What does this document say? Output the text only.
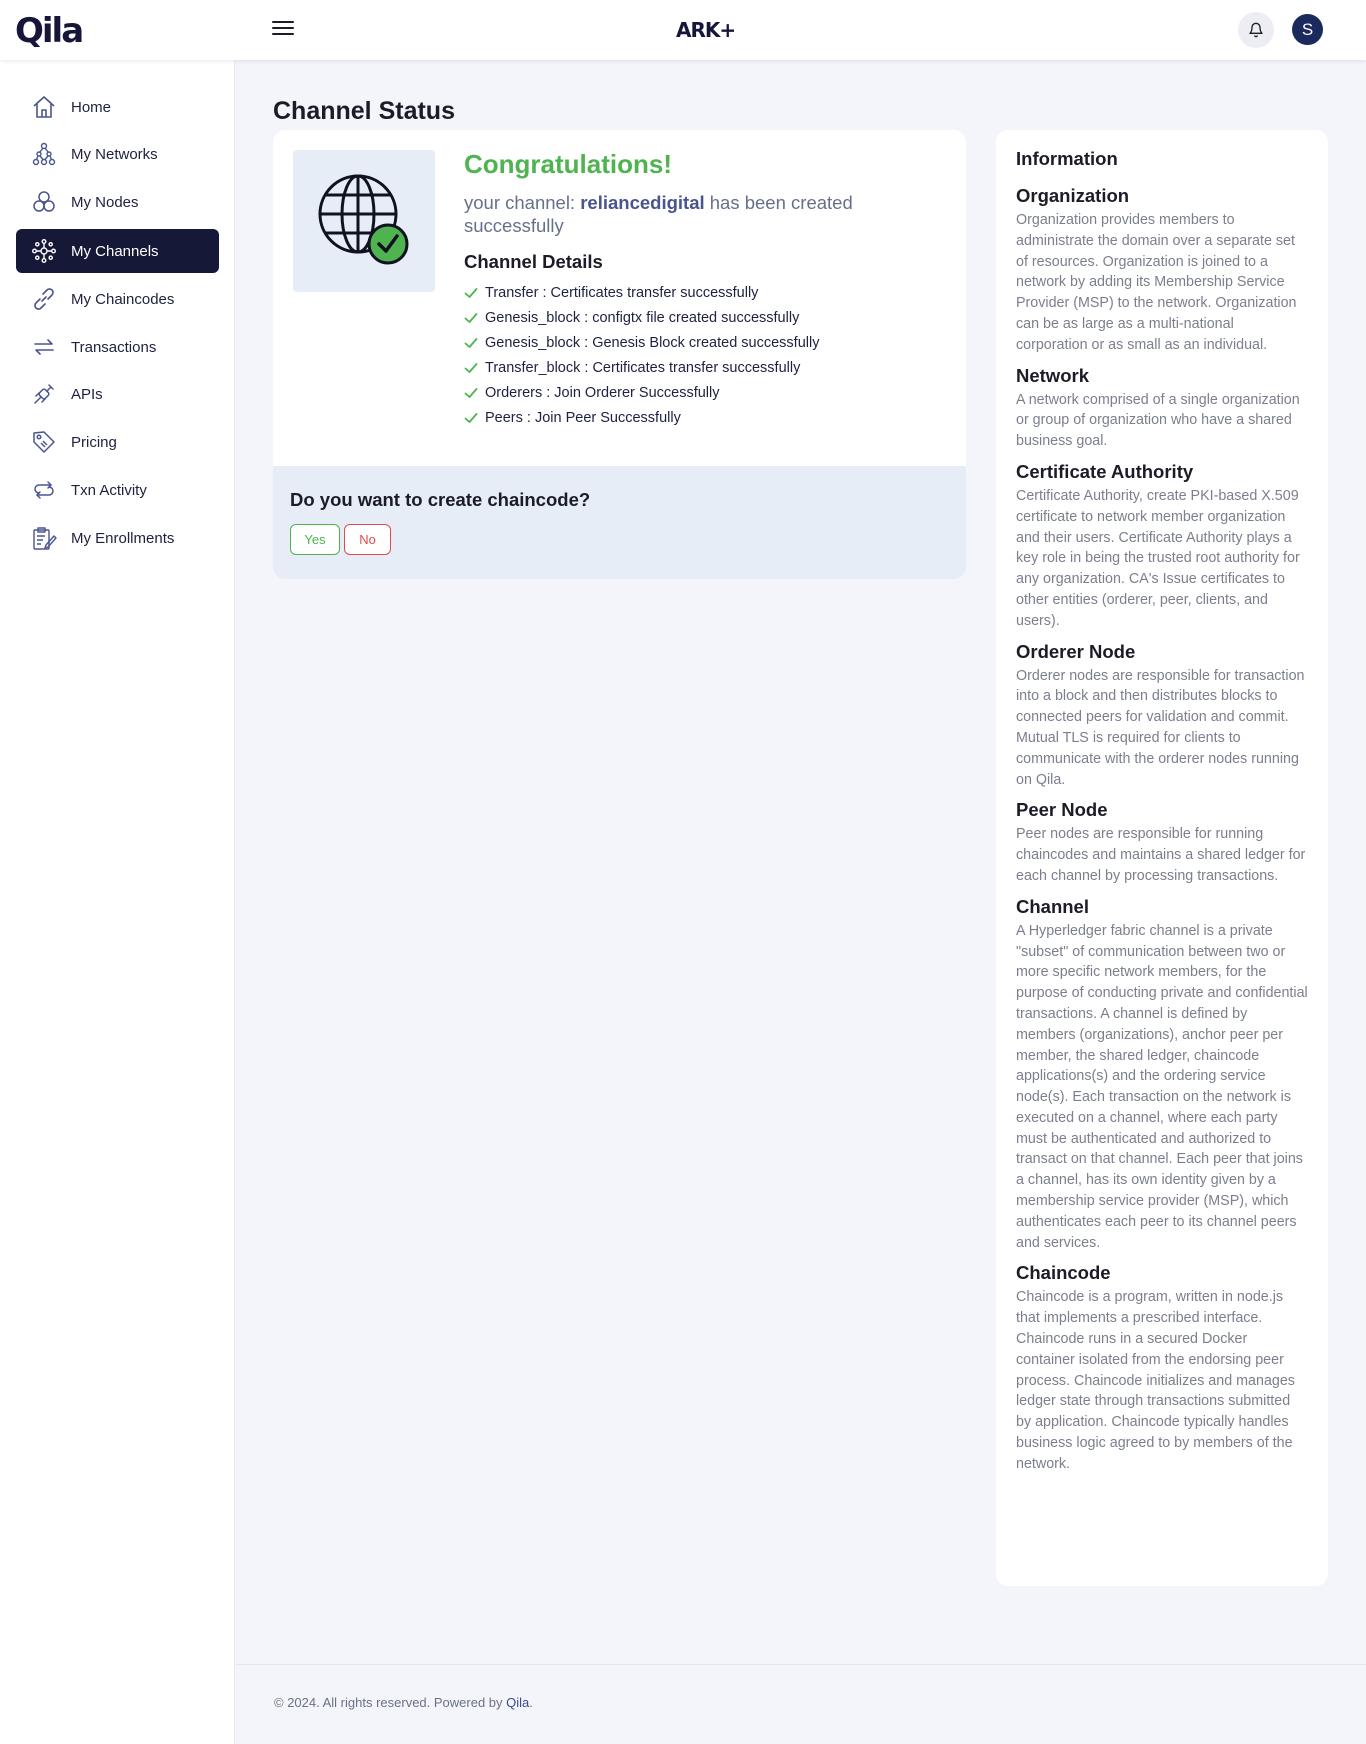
Qila	ARK+	S
Home
My Networks
My Nodes
My Channels
My Chaincodes
Transactions
APIs
Pricing
Txn Activity
My Enrollments
Channel Status
Congratulations!
your channel: reliancedigital has been created successfully
Channel Details
Transfer : Certificates transfer successfully
Genesis_block : configtx file created successfully
Genesis_block : Genesis Block created successfully
Transfer_block : Certificates transfer successfully
Orderers : Join Orderer Successfully
Peers : Join Peer Successfully
Do you want to create chaincode?
Yes	No
Information
Organization

Organization provides members to administrate the domain over a separate set of resources. Organization is joined to a network by adding its Membership Service Provider (MSP) to the network. Organization can be as large as a multi-national corporation or as small as an individual.

Network

A network comprised of a single organization or group of organization who have a shared business goal.

Certificate Authority

Certificate Authority, create PKI-based X.509 certificate to network member organization and their users. Certificate Authority plays a key role in being the trusted root authority for any organization. CA's Issue certificates to other entities (orderer, peer, clients, and users).

Orderer Node

Orderer nodes are responsible for transaction into a block and then distributes blocks to connected peers for validation and commit. Mutual TLS is required for clients to communicate with the orderer nodes running on Qila.

Peer Node

Peer nodes are responsible for running chaincodes and maintains a shared ledger for each channel by processing transactions.

Channel

A Hyperledger fabric channel is a private "subset" of communication between two or more specific network members, for the purpose of conducting private and confidential transactions. A channel is defined by members (organizations), anchor peer per member, the shared ledger, chaincode applications(s) and the ordering service node(s). Each transaction on the network is executed on a channel, where each party must be authenticated and authorized to transact on that channel. Each peer that joins a channel, has its own identity given by a membership service provider (MSP), which authenticates each peer to its channel peers and services.

Chaincode

Chaincode is a program, written in node.js that implements a prescribed interface. Chaincode runs in a secured Docker container isolated from the endorsing peer process. Chaincode initializes and manages ledger state through transactions submitted by application. Chaincode typically handles business logic agreed to by members of the network.

© 2024. All rights reserved. Powered by Qila.
